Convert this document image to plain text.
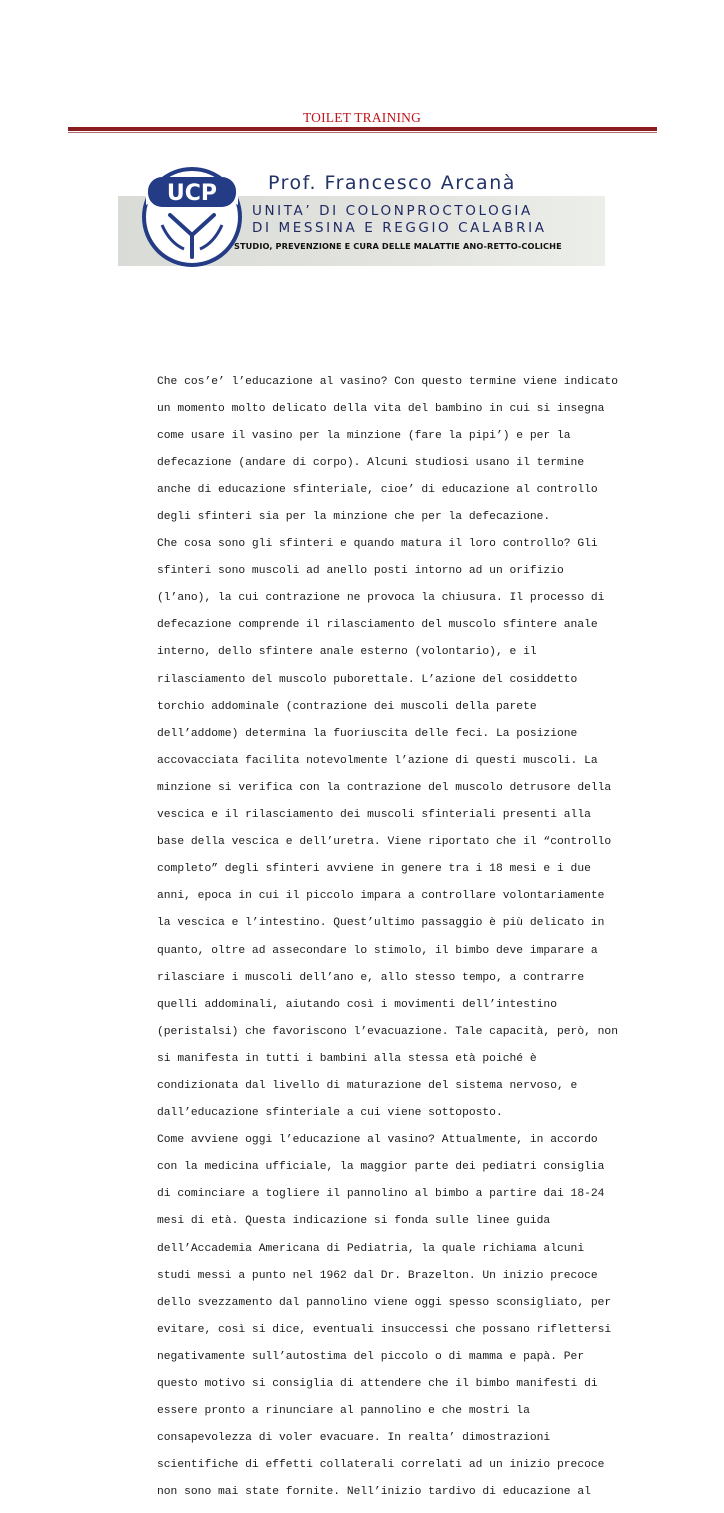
TOILET TRAINING
UCP	Prof. Francesco Arcanà
UNITA’ DI COLONPROCTOLOGIA
DI MESSINA E REGGIO CALABRIA
STUDIO, PREVENZIONE E CURA DELLE MALATTIE ANO-RETTO-COLICHE

Che cos’e’ l’educazione al vasino? Con questo termine viene indicato

un momento molto delicato della vita del bambino in cui si insegna

come usare il vasino per la minzione (fare la pipi’) e per la

defecazione (andare di corpo). Alcuni studiosi usano il termine

anche di educazione sfinteriale, cioe’ di educazione al controllo

degli sfinteri sia per la minzione che per la defecazione.

Che cosa sono gli sfinteri e quando matura il loro controllo? Gli

sfinteri sono muscoli ad anello posti intorno ad un orifizio

(l’ano), la cui contrazione ne provoca la chiusura. Il processo di

defecazione comprende il rilasciamento del muscolo sfintere anale

interno, dello sfintere anale esterno (volontario), e il

rilasciamento del muscolo puborettale. L’azione del cosiddetto

torchio addominale (contrazione dei muscoli della parete

dell’addome) determina la fuoriuscita delle feci. La posizione

accovacciata facilita notevolmente l’azione di questi muscoli. La

minzione si verifica con la contrazione del muscolo detrusore della

vescica e il rilasciamento dei muscoli sfinteriali presenti alla

base della vescica e dell’uretra. Viene riportato che il “controllo

completo” degli sfinteri avviene in genere tra i 18 mesi e i due

anni, epoca in cui il piccolo impara a controllare volontariamente

la vescica e l’intestino. Quest’ultimo passaggio è più delicato in

quanto, oltre ad assecondare lo stimolo, il bimbo deve imparare a

rilasciare i muscoli dell’ano e, allo stesso tempo, a contrarre

quelli addominali, aiutando così i movimenti dell’intestino

(peristalsi) che favoriscono l’evacuazione. Tale capacità, però, non

si manifesta in tutti i bambini alla stessa età poiché è

condizionata dal livello di maturazione del sistema nervoso, e

dall’educazione sfinteriale a cui viene sottoposto.

Come avviene oggi l’educazione al vasino? Attualmente, in accordo

con la medicina ufficiale, la maggior parte dei pediatri consiglia

di cominciare a togliere il pannolino al bimbo a partire dai 18-24

mesi di età. Questa indicazione si fonda sulle linee guida

dell’Accademia Americana di Pediatria, la quale richiama alcuni

studi messi a punto nel 1962 dal Dr. Brazelton. Un inizio precoce

dello svezzamento dal pannolino viene oggi spesso sconsigliato, per

evitare, così si dice, eventuali insuccessi che possano riflettersi

negativamente sull’autostima del piccolo o di mamma e papà. Per

questo motivo si consiglia di attendere che il bimbo manifesti di

essere pronto a rinunciare al pannolino e che mostri la

consapevolezza di voler evacuare. In realta’ dimostrazioni

scientifiche di effetti collaterali correlati ad un inizio precoce

non sono mai state fornite. Nell’inizio tardivo di educazione al
